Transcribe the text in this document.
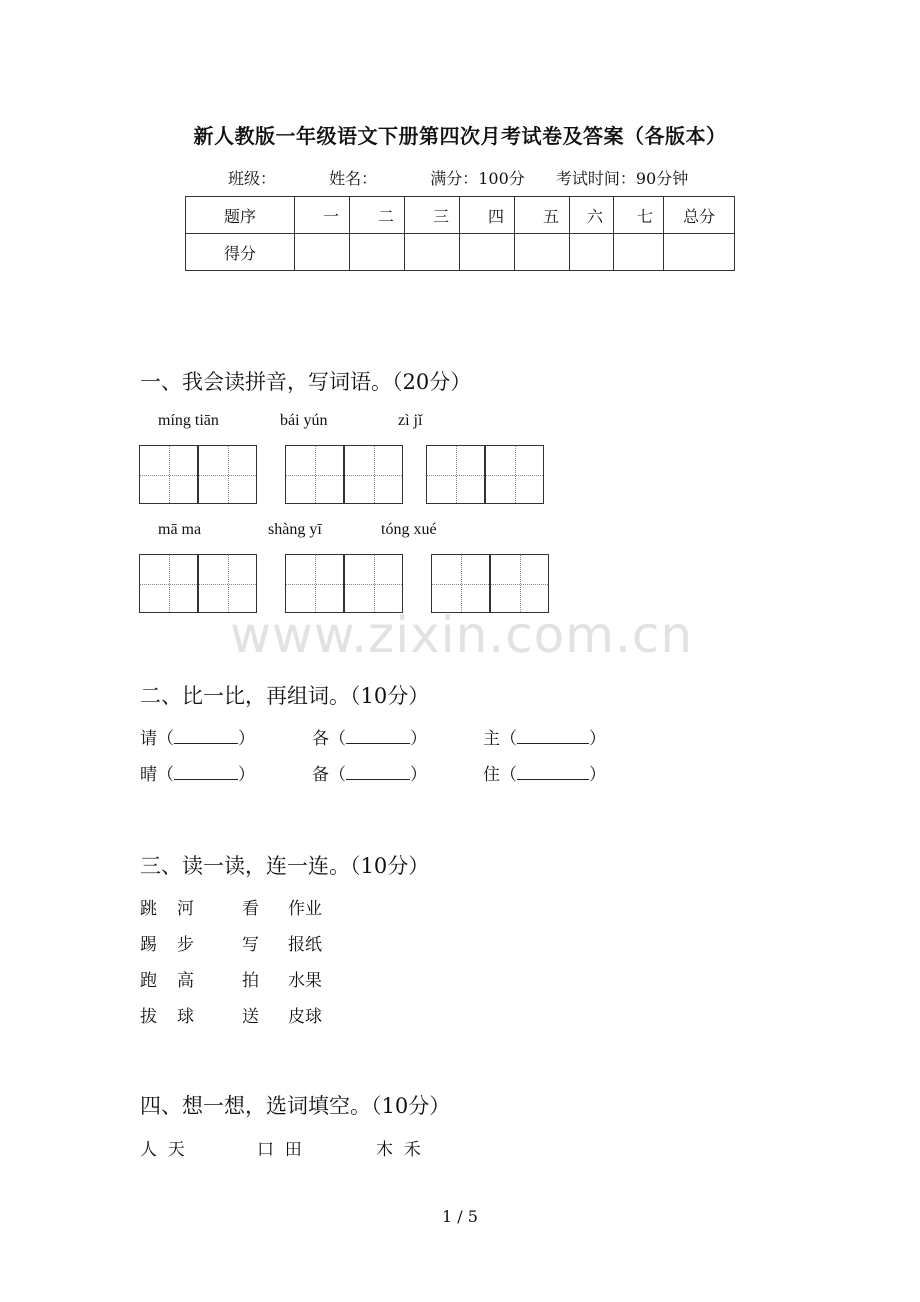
新人教版一年级语文下册第四次月考试卷及答案（各版本）
班级：	姓名：	满分：100分 考试时间：90分钟
题序	一	二	三	四	五	六	七	总分
得分								
一、我会读拼音，写词语。（20分）
míng tiān	bái yún	zì jǐ
mā ma	shàng yī	tóng xué
www.zixin.com.cn
二、比一比，再组词。（10分）
请（	）	各（	）	主（	）
晴（	）	备（	）	住（	）
三、读一读，连一连。（10分）
跳 河	看 作业
踢 步	写 报纸
跑 高	拍 水果
拔 球	送 皮球
四、想一想，选词填空。（10分）
人  天	口  田	木  禾
1 / 5
